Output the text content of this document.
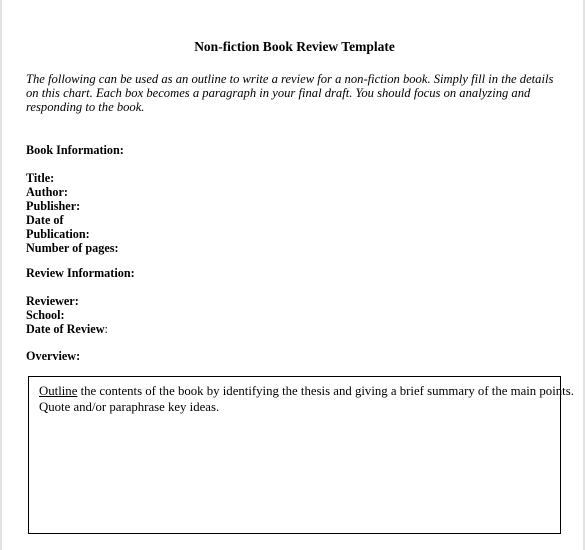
Non-fiction Book Review Template

The following can be used as an outline to write a review for a non-fiction book. Simply fill in the details
on this chart. Each box becomes a paragraph in your final draft. You should focus on analyzing and
responding to the book.

Book Information:
Title:
Author:
Publisher:
Date of
Publication:
Number of pages:
Review Information:
Reviewer:
School:
Date of Review:
Overview:

Outline the contents of the book by identifying the thesis and giving a brief summary of the main points.
Quote and/or paraphrase key ideas.
